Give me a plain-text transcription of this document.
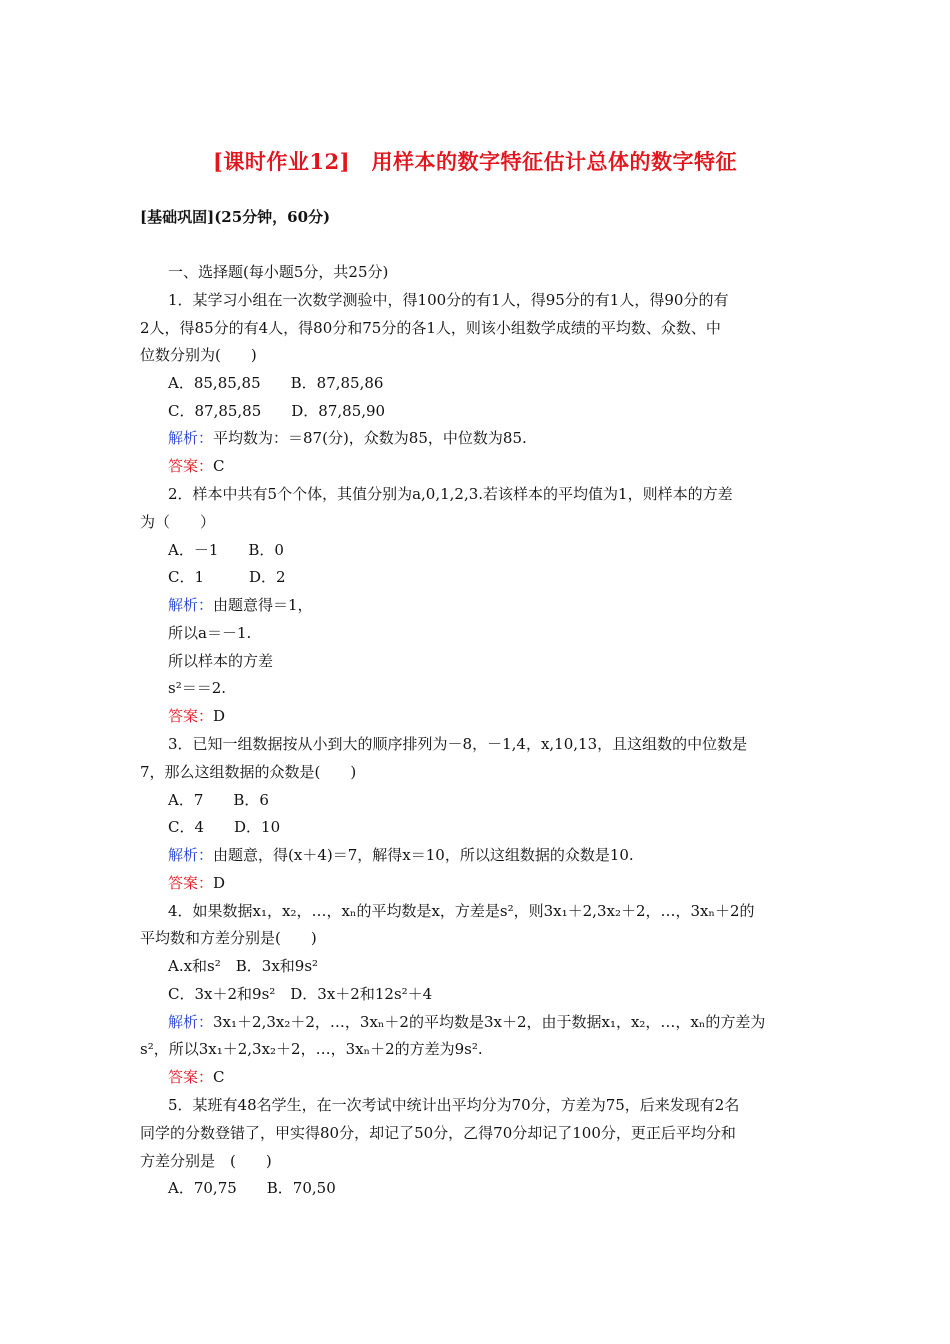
[课时作业12]　用样本的数字特征估计总体的数字特征
[基础巩固](25分钟，60分)
一、选择题(每小题5分，共25分)
1．某学习小组在一次数学测验中，得100分的有1人，得95分的有1人，得90分的有
2人，得85分的有4人，得80分和75分的各1人，则该小组数学成绩的平均数、众数、中
位数分别为(　　)
A．85,85,85　　B．87,85,86
C．87,85,85　　D．87,85,90
解析：平均数为：＝87(分)，众数为85，中位数为85.
答案：C
2．样本中共有5个个体，其值分别为a,0,1,2,3.若该样本的平均值为1，则样本的方差
为（　　）
A．－1　　B．0
C．1　　　D．2
解析：由题意得＝1，
所以a＝－1.
所以样本的方差
s²＝＝2.
答案：D
3．已知一组数据按从小到大的顺序排列为－8，－1,4，x,10,13，且这组数的中位数是
7，那么这组数据的众数是(　　)
A．7　　B．6
C．4　　D．10
解析：由题意，得(x＋4)＝7，解得x＝10，所以这组数据的众数是10.
答案：D
4．如果数据x₁，x₂，…，xₙ的平均数是x，方差是s²，则3x₁＋2,3x₂＋2，…，3xₙ＋2的
平均数和方差分别是(　　)
A.x和s²　B．3x和9s²
C．3x＋2和9s²　D．3x＋2和12s²＋4
解析：3x₁＋2,3x₂＋2，…，3xₙ＋2的平均数是3x＋2，由于数据x₁，x₂，…，xₙ的方差为
s²，所以3x₁＋2,3x₂＋2，…，3xₙ＋2的方差为9s².
答案：C
5．某班有48名学生，在一次考试中统计出平均分为70分，方差为75，后来发现有2名
同学的分数登错了，甲实得80分，却记了50分，乙得70分却记了100分，更正后平均分和
方差分别是　(　　)
A．70,75　　B．70,50
